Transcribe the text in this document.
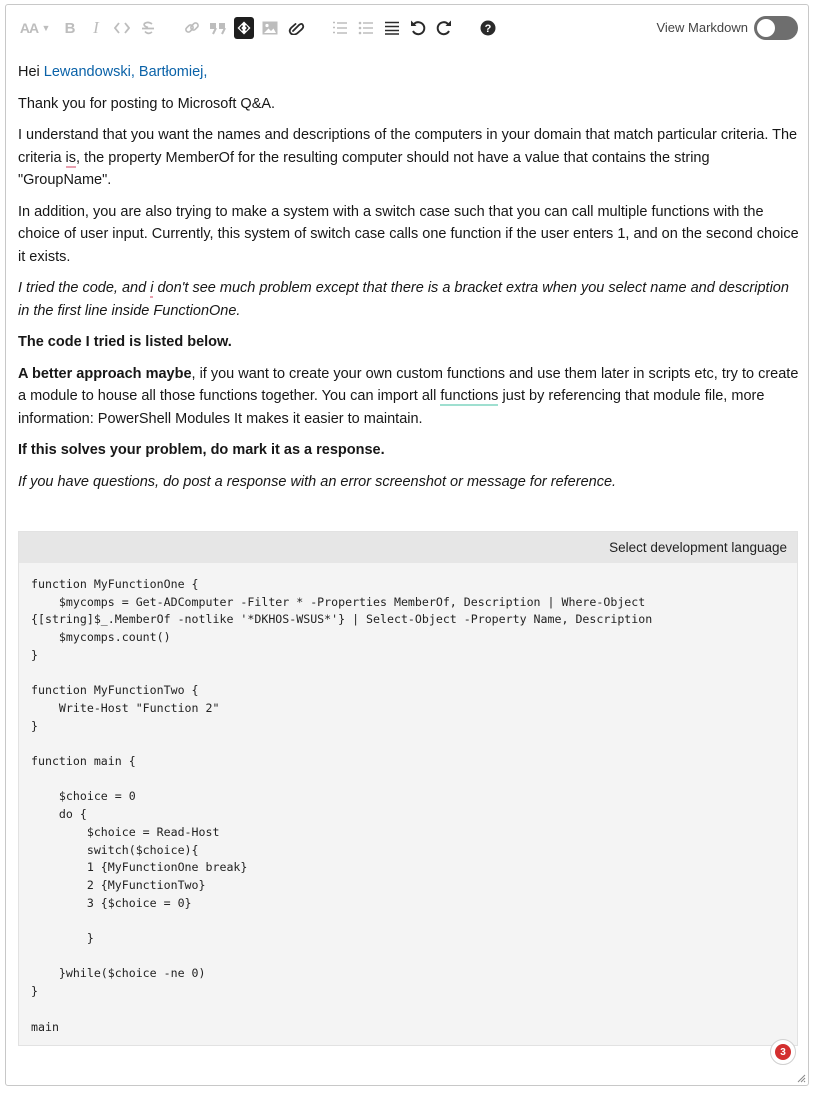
AA ▼ B I	?	View Markdown

Hei Lewandowski, Bartłomiej,

Thank you for posting to Microsoft Q&A.

I understand that you want the names and descriptions of the computers in your domain that match particular criteria. The criteria is, the property MemberOf for the resulting computer should not have a value that contains the string "GroupName".

In addition, you are also trying to make a system with a switch case such that you can call multiple functions with the choice of user input. Currently, this system of switch case calls one function if the user enters 1, and on the second choice it exists.

I tried the code, and i don't see much problem except that there is a bracket extra when you select name and description in the first line inside FunctionOne.

The code I tried is listed below.

A better approach maybe, if you want to create your own custom functions and use them later in scripts etc, try to create a module to house all those functions together. You can import all functions just by referencing that module file, more information: PowerShell Modules It makes it easier to maintain.

If this solves your problem, do mark it as a response.

If you have questions, do post a response with an error screenshot or message for reference.

Select development language
function MyFunctionOne {
$mycomps = Get-ADComputer -Filter * -Properties MemberOf, Description | Where-Object
{[string]$_.MemberOf -notlike '*DKHOS-WSUS*'} | Select-Object -Property Name, Description
$mycomps.count()
}

function MyFunctionTwo {
Write-Host "Function 2"
}

function main {

$choice = 0
do {
$choice = Read-Host
switch($choice){
1 {MyFunctionOne break}
2 {MyFunctionTwo}
3 {$choice = 0}

}

}while($choice -ne 0)
}

main
3
